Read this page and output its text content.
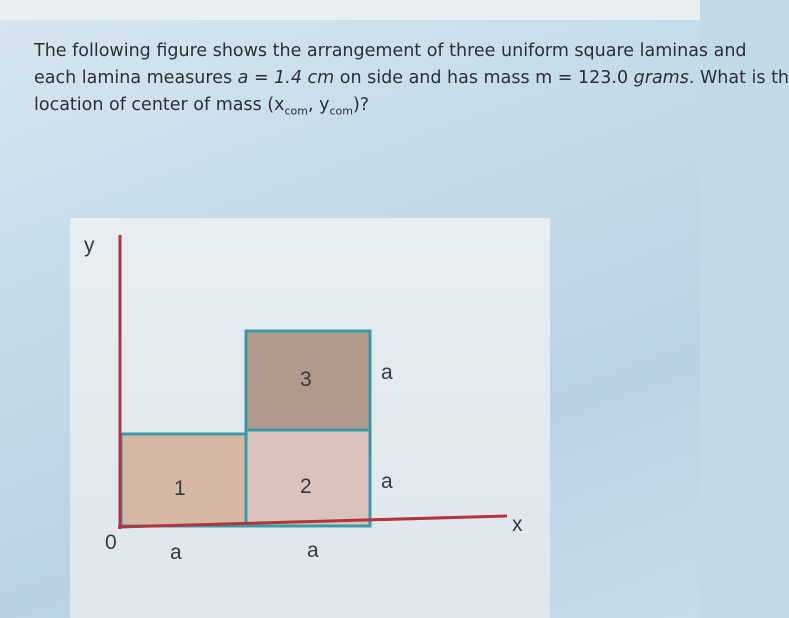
The following figure shows the arrangement of three uniform square laminas and
each lamina measures a = 1.4 cm on side and has mass m = 123.0 grams. What is th
location of center of mass ($x_{com}$, $y_{com}$)?
y
x
0
1	2
3	a
a
a	a
